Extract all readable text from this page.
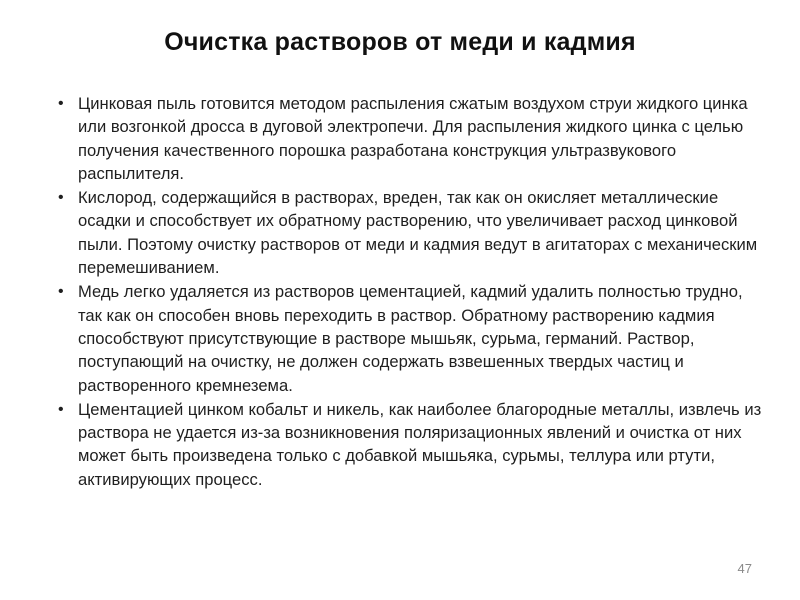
Очистка растворов от меди и кадмия
• Цинковая пыль готовится методом распыления сжатым воздухом струи жидкого цинка или возгонкой дросса в дуговой электропечи. Для распыления жидкого цинка с целью получения качественного порошка разработана конструкция ультразвукового распылителя.
• Кислород, содержащийся в растворах, вреден, так как он окисляет металлические осадки и способствует их обратному растворению, что увеличивает расход цинковой пыли. Поэтому очистку растворов от меди и кадмия ведут в агитаторах с механическим перемешиванием.
• Медь легко удаляется из растворов цементацией, кадмий удалить полностью трудно, так как он способен вновь переходить в раствор. Обратному растворению кадмия способствуют присутствующие в растворе мышьяк, сурьма, германий. Раствор, поступающий на очистку, не должен содержать взвешенных твердых частиц и растворенного кремнезема.
• Цементацией цинком кобальт и никель, как наиболее благородные металлы, извлечь из раствора не удается из-за возникновения поляризационных явлений и очистка от них может быть произведена только с добавкой мышьяка, сурьмы, теллура или ртути, активирующих процесс.
47
